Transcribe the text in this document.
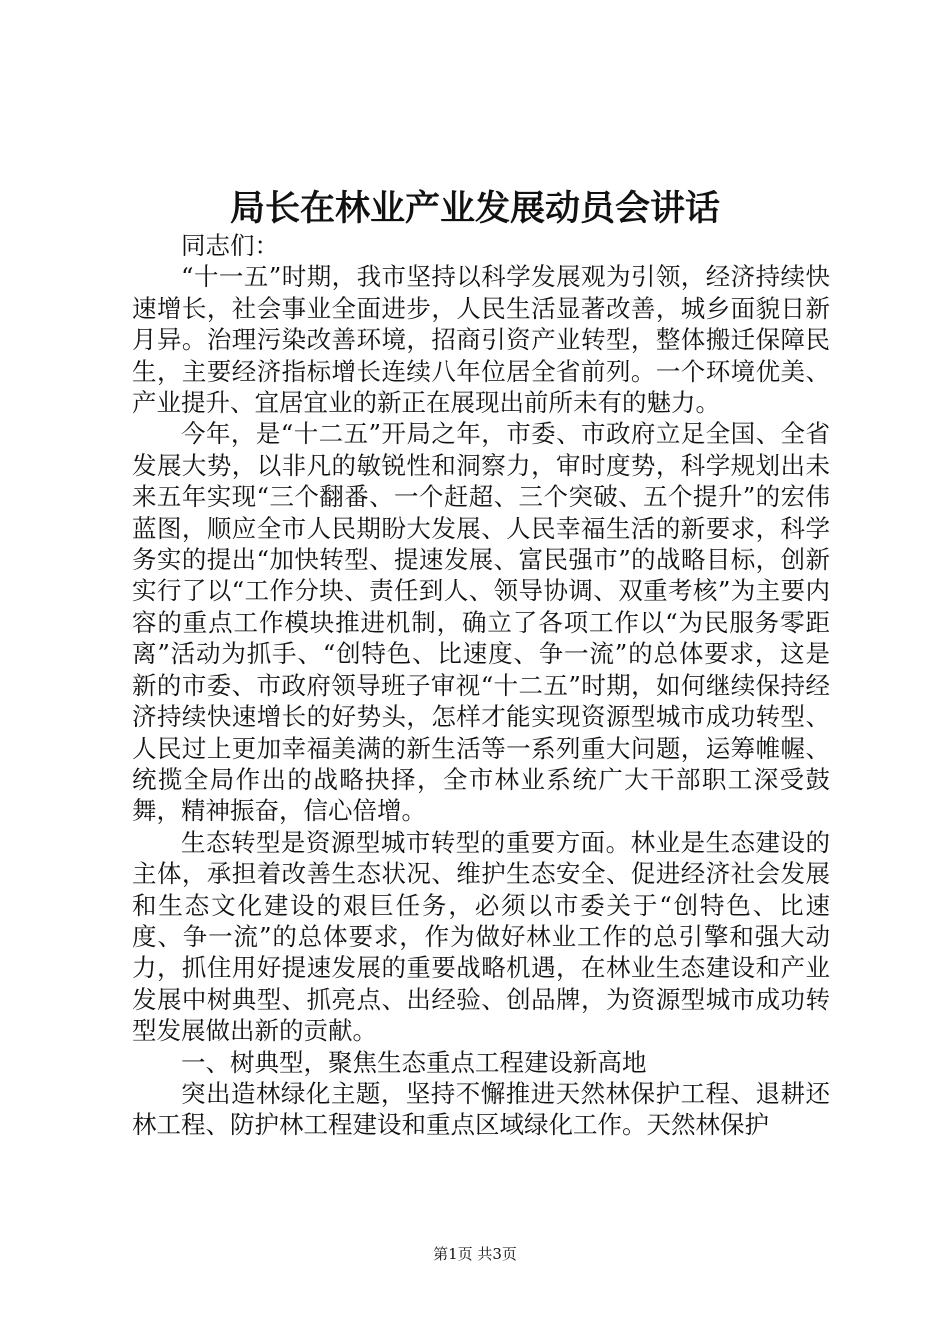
局长在林业产业发展动员会讲话

同志们：

“十一五”时期，我市坚持以科学发展观为引领，经济持续快速增长，社会事业全面进步，人民生活显著改善，城乡面貌日新月异。治理污染改善环境，招商引资产业转型，整体搬迁保障民生，主要经济指标增长连续八年位居全省前列。一个环境优美、产业提升、宜居宜业的新正在展现出前所未有的魅力。

今年，是“十二五”开局之年，市委、市政府立足全国、全省发展大势，以非凡的敏锐性和洞察力，审时度势，科学规划出未来五年实现“三个翻番、一个赶超、三个突破、五个提升”的宏伟蓝图，顺应全市人民期盼大发展、人民幸福生活的新要求，科学务实的提出“加快转型、提速发展、富民强市”的战略目标，创新实行了以“工作分块、责任到人、领导协调、双重考核”为主要内容的重点工作模块推进机制，确立了各项工作以“为民服务零距离”活动为抓手、“创特色、比速度、争一流”的总体要求，这是新的市委、市政府领导班子审视“十二五”时期，如何继续保持经济持续快速增长的好势头，怎样才能实现资源型城市成功转型、人民过上更加幸福美满的新生活等一系列重大问题，运筹帷幄、统揽全局作出的战略抉择，全市林业系统广大干部职工深受鼓舞，精神振奋，信心倍增。

生态转型是资源型城市转型的重要方面。林业是生态建设的主体，承担着改善生态状况、维护生态安全、促进经济社会发展和生态文化建设的艰巨任务，必须以市委关于“创特色、比速度、争一流”的总体要求，作为做好林业工作的总引擎和强大动力，抓住用好提速发展的重要战略机遇，在林业生态建设和产业发展中树典型、抓亮点、出经验、创品牌，为资源型城市成功转型发展做出新的贡献。

一、树典型，聚焦生态重点工程建设新高地

突出造林绿化主题，坚持不懈推进天然林保护工程、退耕还林工程、防护林工程建设和重点区域绿化工作。天然林保护

第1页 共3页
